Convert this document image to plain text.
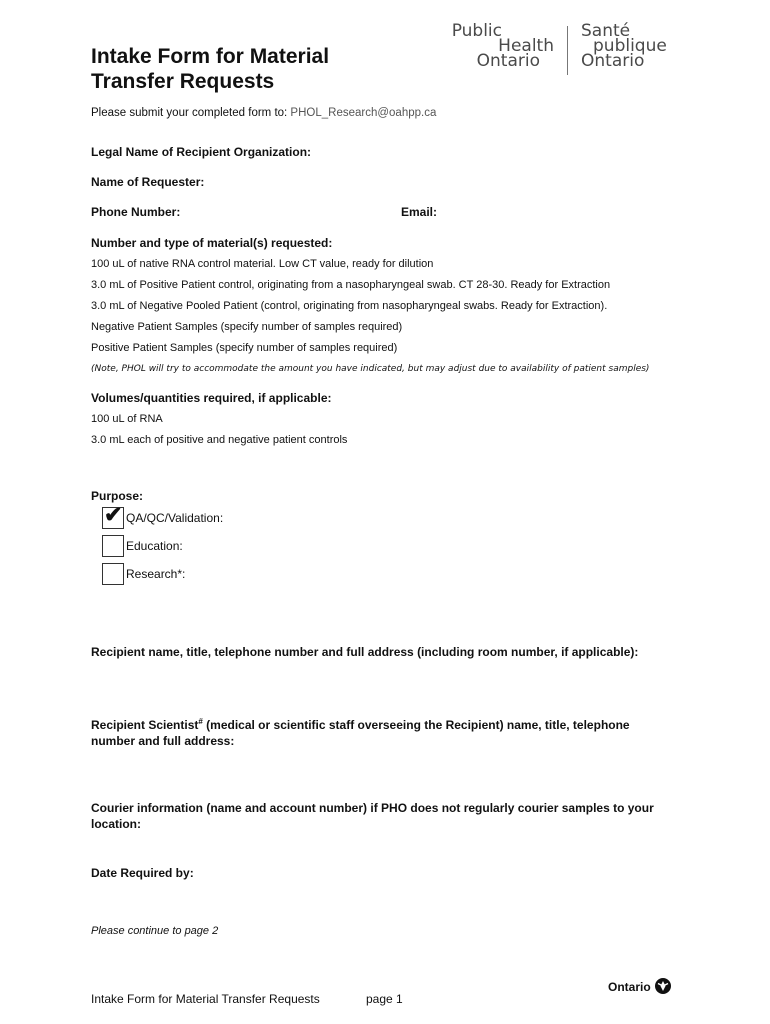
Intake Form for Material
Transfer Requests
Public
Health
Ontario
Santé
publique
Ontario
Please submit your completed form to: PHOL_Research@oahpp.ca
Legal Name of Recipient Organization:
Name of Requester:
Phone Number:	Email:
Number and type of material(s) requested:
100 uL of native RNA control material. Low CT value, ready for dilution
3.0 mL of Positive Patient control, originating from a nasopharyngeal swab. CT 28-30. Ready for Extraction
3.0 mL of Negative Pooled Patient (control, originating from nasopharyngeal swabs. Ready for Extraction).
Negative Patient Samples (specify number of samples required)
Positive Patient Samples (specify number of samples required)
(Note, PHOL will try to accommodate the amount you have indicated, but may adjust due to availability of patient samples)
Volumes/quantities required, if applicable:
100 uL of RNA
3.0 mL each of positive and negative patient controls
Purpose:
✔ QA/QC/Validation:
Education:
Research*:
Recipient name, title, telephone number and full address (including room number, if applicable):
Recipient Scientist# (medical or scientific staff overseeing the Recipient) name, title, telephone
number and full address:
Courier information (name and account number) if PHO does not regularly courier samples to your
location:
Date Required by:
Please continue to page 2
Intake Form for Material Transfer Requests	page 1
Ontario
